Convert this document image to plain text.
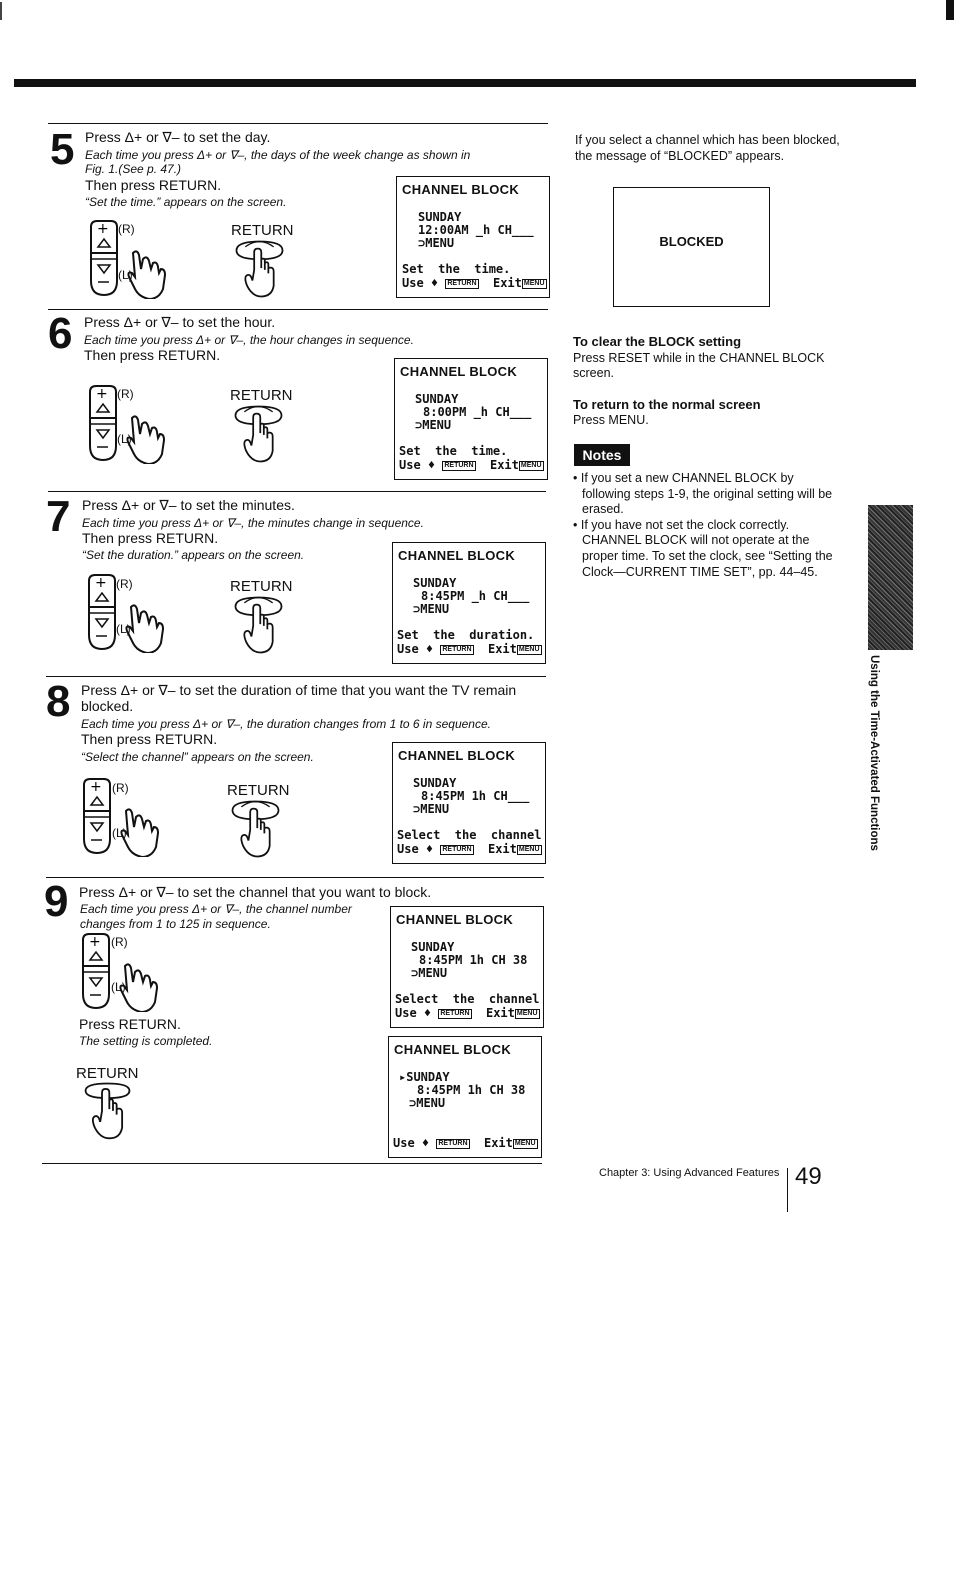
5 Press Δ+ or ∇– to set the day.
Each time you press Δ+ or ∇–, the days of the week change as shown in
Fig. 1.(See p. 47.)
Then press RETURN.
“Set the time.” appears on the screen.
(R)
(L)
RETURN
CHANNEL BLOCK
SUNDAY
12:00AM _h CH___
⊃MENU
Set  the  time.
Use ♦ RETURN Exit MENU
6 Press Δ+ or ∇– to set the hour.
Each time you press Δ+ or ∇–, the hour changes in sequence.
Then press RETURN.
(R)
(L)
RETURN
CHANNEL BLOCK
SUNDAY
8:00PM _h CH___
⊃MENU
Set  the  time.
Use ♦ RETURN Exit MENU
7 Press Δ+ or ∇– to set the minutes.
Each time you press Δ+ or ∇–, the minutes change in sequence.
Then press RETURN.
“Set the duration.” appears on the screen.
(R)
(L)
RETURN
CHANNEL BLOCK
SUNDAY
8:45PM _h CH___
⊃MENU
Set  the  duration.
Use ♦ RETURN Exit MENU
8 Press Δ+ or ∇– to set the duration of time that you want the TV remain
blocked.
Each time you press Δ+ or ∇–, the duration changes from 1 to 6 in sequence.
Then press RETURN.
“Select the channel” appears on the screen.
(R)
(L)
RETURN
CHANNEL BLOCK
SUNDAY
8:45PM 1h CH___
⊃MENU
Select  the  channel
Use ♦ RETURN Exit MENU
9 Press Δ+ or ∇– to set the channel that you want to block.
Each time you press Δ+ or ∇–, the channel number
changes from 1 to 125 in sequence.
(R)
(L)
Press RETURN.
The setting is completed.
RETURN
CHANNEL BLOCK
SUNDAY
8:45PM 1h CH 38
⊃MENU
Select  the  channel
Use ♦ RETURN Exit MENU
CHANNEL BLOCK
▸SUNDAY
8:45PM 1h CH 38
⊃MENU
Use ♦ RETURN Exit MENU
If you select a channel which has been blocked,
the message of “BLOCKED” appears.
BLOCKED
To clear the BLOCK setting
Press RESET while in the CHANNEL BLOCK
screen.
To return to the normal screen
Press MENU.
Notes
• If you set a new CHANNEL BLOCK by
following steps 1-9, the original setting will be
erased.
• If you have not set the clock correctly.
CHANNEL BLOCK will not operate at the
proper time. To set the clock, see “Setting the
Clock—CURRENT TIME SET”, pp. 44–45.
Using the Time-Activated Functions
Chapter 3: Using Advanced Features 49
